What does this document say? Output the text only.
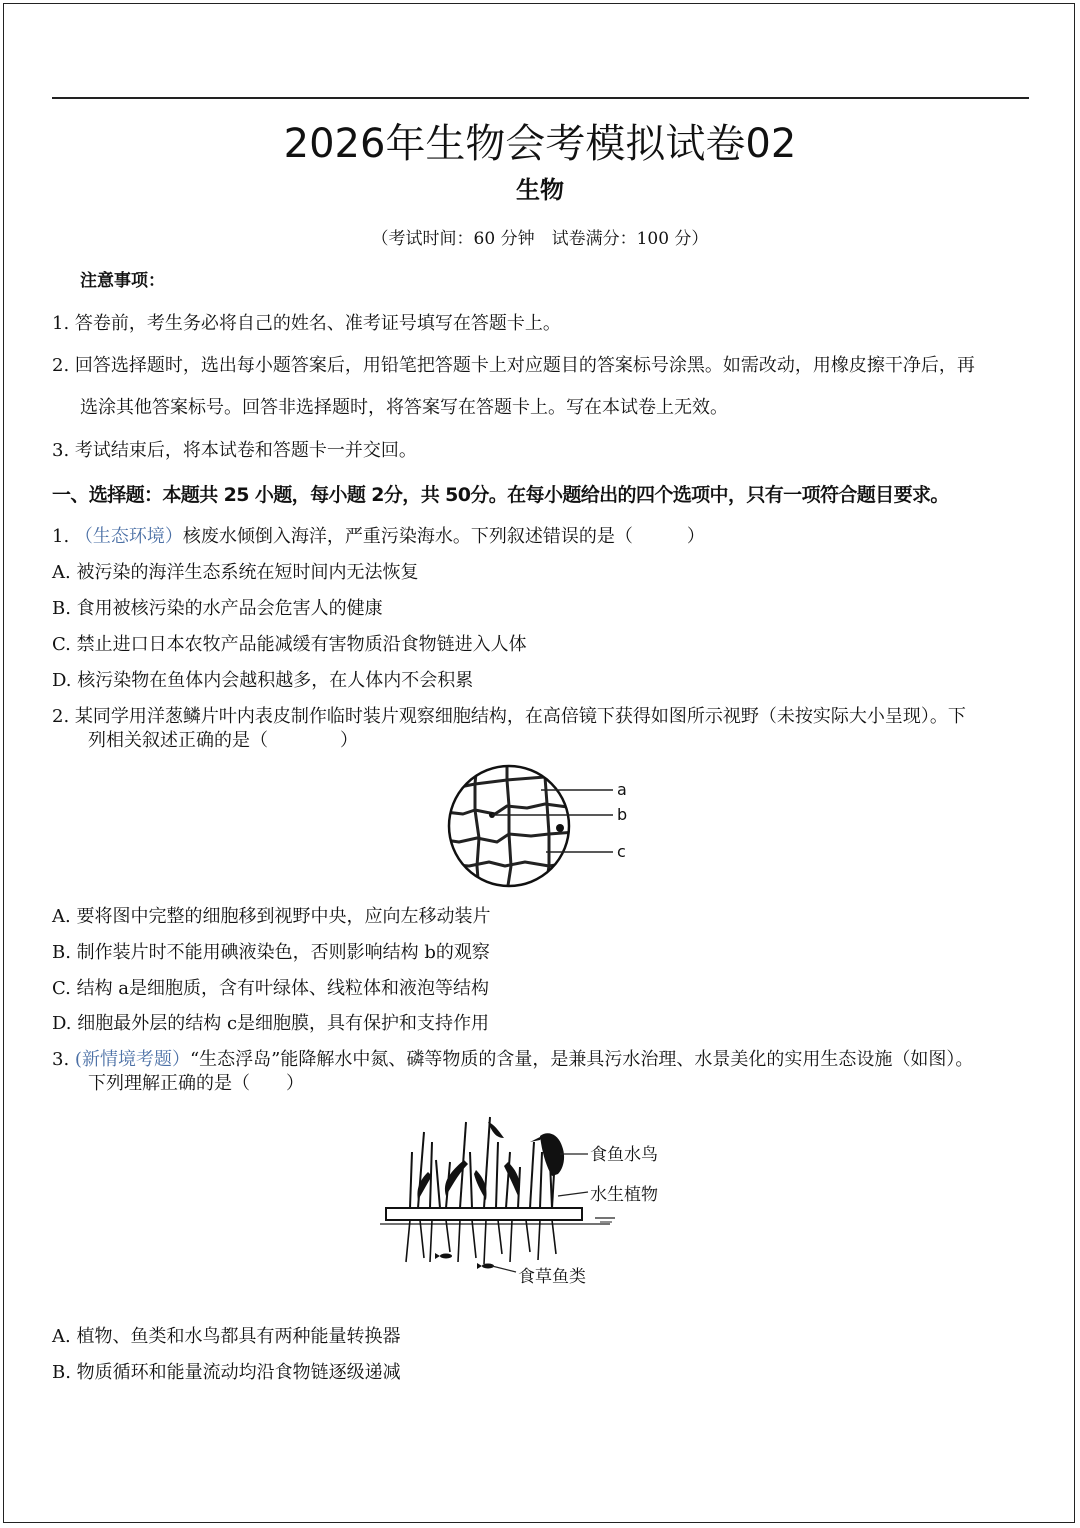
2026年生物会考模拟试卷02
生物
（考试时间：60 分钟　试卷满分：100 分）
注意事项：
1. 答卷前，考生务必将自己的姓名、准考证号填写在答题卡上。
2. 回答选择题时，选出每小题答案后，用铅笔把答题卡上对应题目的答案标号涂黑。如需改动，用橡皮擦干净后，再
选涂其他答案标号。回答非选择题时，将答案写在答题卡上。写在本试卷上无效。
3. 考试结束后，将本试卷和答题卡一并交回。
一、选择题：本题共 25 小题，每小题 2分，共 50分。在每小题给出的四个选项中，只有一项符合题目要求。
1. （生态环境）核废水倾倒入海洋，严重污染海水。下列叙述错误的是（　　　）
A. 被污染的海洋生态系统在短时间内无法恢复
B. 食用被核污染的水产品会危害人的健康
C. 禁止进口日本农牧产品能减缓有害物质沿食物链进入人体
D. 核污染物在鱼体内会越积越多，在人体内不会积累
2. 某同学用洋葱鳞片叶内表皮制作临时装片观察细胞结构，在高倍镜下获得如图所示视野（未按实际大小呈现）。下
列相关叙述正确的是（　　　　）
a
b
c
A. 要将图中完整的细胞移到视野中央，应向左移动装片
B. 制作装片时不能用碘液染色，否则影响结构 b的观察
C. 结构 a是细胞质，含有叶绿体、线粒体和液泡等结构
D. 细胞最外层的结构 c是细胞膜，具有保护和支持作用
3. (新情境考题）“生态浮岛”能降解水中氮、磷等物质的含量，是兼具污水治理、水景美化的实用生态设施（如图）。
下列理解正确的是（　　）
食鱼水鸟
水生植物
食草鱼类
A. 植物、鱼类和水鸟都具有两种能量转换器
B. 物质循环和能量流动均沿食物链逐级递减
